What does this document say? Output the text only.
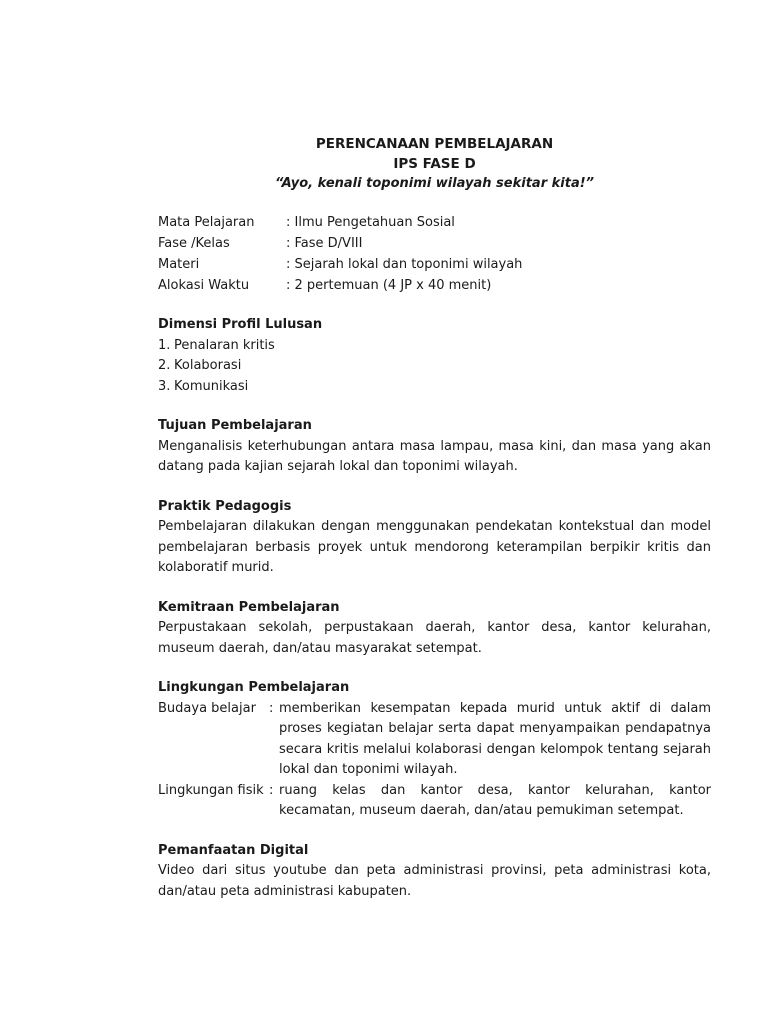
PERENCANAAN PEMBELAJARAN
IPS FASE D
“Ayo, kenali toponimi wilayah sekitar kita!”
Mata Pelajaran	: Ilmu Pengetahuan Sosial
Fase /Kelas	: Fase D/VIII
Materi	: Sejarah lokal dan toponimi wilayah
Alokasi Waktu	: 2 pertemuan (4 JP x 40 menit)
Dimensi Profil Lulusan
1. Penalaran kritis
2. Kolaborasi
3. Komunikasi
Tujuan Pembelajaran
Menganalisis keterhubungan antara masa lampau, masa kini, dan masa yang akan datang pada kajian sejarah lokal dan toponimi wilayah.
Praktik Pedagogis
Pembelajaran dilakukan dengan menggunakan pendekatan kontekstual dan model pembelajaran berbasis proyek untuk mendorong keterampilan berpikir kritis dan kolaboratif murid.
Kemitraan Pembelajaran
Perpustakaan sekolah, perpustakaan daerah, kantor desa, kantor kelurahan, museum daerah, dan/atau masyarakat setempat.
Lingkungan Pembelajaran
Budaya belajar	: memberikan kesempatan kepada murid untuk aktif di dalam proses kegiatan belajar serta dapat menyampaikan pendapatnya secara kritis melalui kolaborasi dengan kelompok tentang sejarah lokal dan toponimi wilayah.
Lingkungan fisik : ruang kelas dan kantor desa, kantor kelurahan, kantor kecamatan, museum daerah, dan/atau pemukiman setempat.
Pemanfaatan Digital
Video dari situs youtube dan peta administrasi provinsi, peta administrasi kota, dan/atau peta administrasi kabupaten.
